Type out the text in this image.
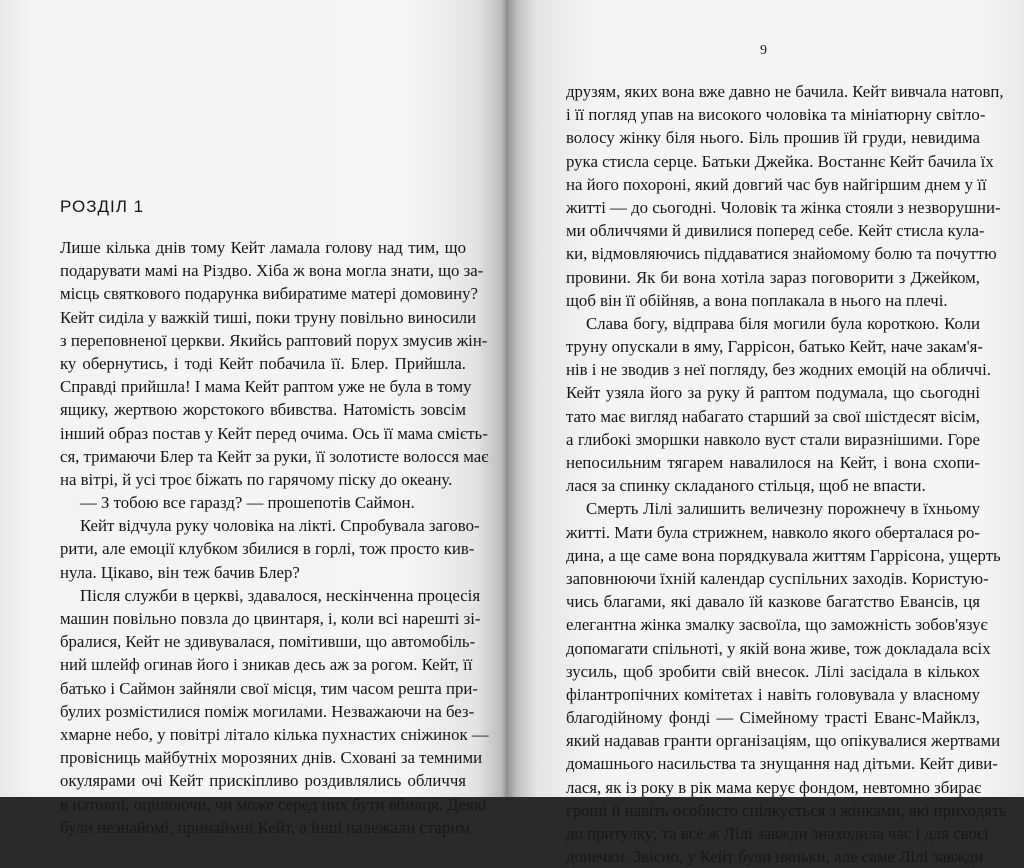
РОЗДІЛ 1
Лише кілька днів тому Кейт ламала голову над тим, що
подарувати мамі на Різдво. Хіба ж вона могла знати, що за-
місць святкового подарунка вибиратиме матері домовину?
Кейт сиділа у важкій тиші, поки труну повільно виносили
з переповненої церкви. Якийсь раптовий порух змусив жін-
ку обернутись, і тоді Кейт побачила її. Блер. Прийшла.
Справді прийшла! І мама Кейт раптом уже не була в тому
ящику, жертвою жорстокого вбивства. Натомість зовсім
інший образ постав у Кейт перед очима. Ось її мама смієть-
ся, тримаючи Блер та Кейт за руки, її золотисте волосся має
на вітрі, й усі троє біжать по гарячому піску до океану.
— З тобою все гаразд? — прошепотів Саймон.
Кейт відчула руку чоловіка на лікті. Спробувала загово-
рити, але емоції клубком збилися в горлі, тож просто кив-
нула. Цікаво, він теж бачив Блер?
Після служби в церкві, здавалося, нескінченна процесія
машин повільно повзла до цвинтаря, і, коли всі нарешті зі-
бралися, Кейт не здивувалася, помітивши, що автомобіль-
ний шлейф огинав його і зникав десь аж за рогом. Кейт, її
батько і Саймон зайняли свої місця, тим часом решта при-
булих розмістилися поміж могилами. Незважаючи на без-
хмарне небо, у повітрі літало кілька пухнастих сніжинок —
провісниць майбутніх морозяних днів. Сховані за темними
окулярами очі Кейт прискіпливо роздивлялись обличчя
в натовпі, оцінюючи, чи може серед них бути вбивця. Деякі
були незнайомі, принаймні Кейт, а інші належали старим
9
друзям, яких вона вже давно не бачила. Кейт вивчала натовп,
і її погляд упав на високого чоловіка та мініатюрну світло-
волосу жінку біля нього. Біль прошив їй груди, невидима
рука стисла серце. Батьки Джейка. Востаннє Кейт бачила їх
на його похороні, який довгий час був найгіршим днем у її
житті — до сьогодні. Чоловік та жінка стояли з незворушни-
ми обличчями й дивилися поперед себе. Кейт стисла кула-
ки, відмовляючись піддаватися знайомому болю та почуттю
провини. Як би вона хотіла зараз поговорити з Джейком,
щоб він її обійняв, а вона поплакала в нього на плечі.
Слава богу, відправа біля могили була короткою. Коли
труну опускали в яму, Гаррісон, батько Кейт, наче закам'я-
нів і не зводив з неї погляду, без жодних емоцій на обличчі.
Кейт узяла його за руку й раптом подумала, що сьогодні
тато має вигляд набагато старший за свої шістдесят вісім,
а глибокі зморшки навколо вуст стали виразнішими. Горе
непосильним тягарем навалилося на Кейт, і вона схопи-
лася за спинку складаного стільця, щоб не впасти.
Смерть Лілі залишить величезну порожнечу в їхньому
житті. Мати була стрижнем, навколо якого оберталася ро-
дина, а ще саме вона порядкувала життям Гаррісона, ущерть
заповнюючи їхній календар суспільних заходів. Користую-
чись благами, які давало їй казкове багатство Евансів, ця
елегантна жінка змалку засвоїла, що заможність зобов'язує
допомагати спільноті, у якій вона живе, тож докладала всіх
зусиль, щоб зробити свій внесок. Лілі засідала в кількох
філантропічних комітетах і навіть головувала у власному
благодійному фонді — Сімейному трасті Еванс-Майклз,
який надавав гранти організаціям, що опікувалися жертвами
домашнього насильства та знущання над дітьми. Кейт диви-
лася, як із року в рік мама керує фондом, невтомно збирає
гроші й навіть особисто спілкується з жінками, які приходять
до притулку; та все ж Лілі завжди знаходила час і для своєї
донечки. Звісно, у Кейт були няньки, але саме Лілі завжди
